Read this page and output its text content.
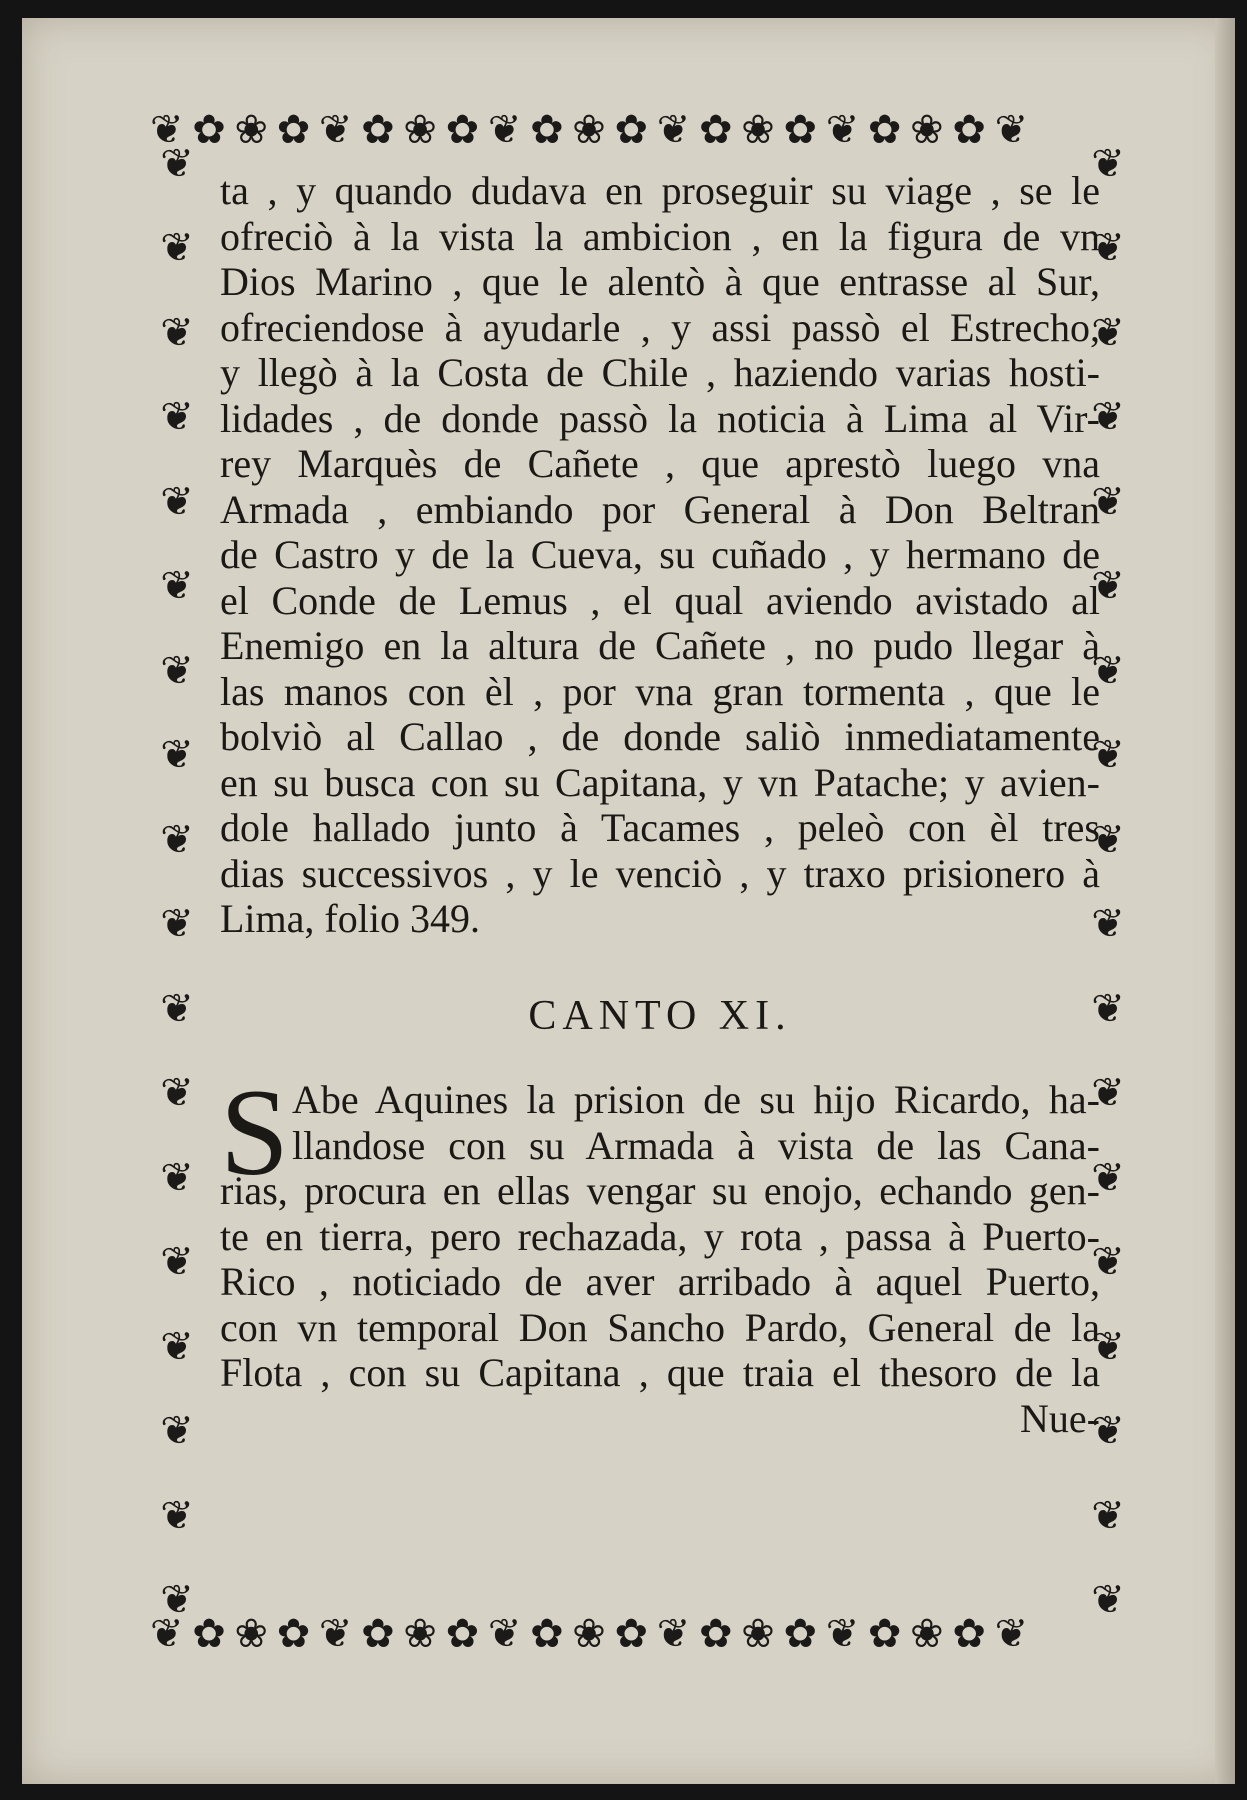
❦ ✿ ❀ ✿ ❦ ✿ ❀ ✿ ❦ ✿ ❀ ✿ ❦ ✿ ❀ ✿ ❦ ✿ ❀ ✿ ❦
❦
❦
❦
❦
❦
❦
❦
❦
❦
❦
❦
❦
❦
❦
❦
❦
❦
❦
❦
❦
❦
❦
❦
❦
❦
❦
❦
❦
❦
❦
❦
❦
❦
❦
❦
❦
❦ ✿ ❀ ✿ ❦ ✿ ❀ ✿ ❦ ✿ ❀ ✿ ❦ ✿ ❀ ✿ ❦ ✿ ❀ ✿ ❦

ta , y quando dudava en proseguir su viage , se le
ofreciò à la vista la ambicion , en la figura de vn
Dios Marino , que le alentò à que entrasse al Sur,
ofreciendose à ayudarle , y assi passò el Estrecho,
y llegò à la Costa de Chile , haziendo varias hosti-
lidades , de donde passò la noticia à Lima al Vir-
rey Marquès de Cañete , que aprestò luego vna
Armada , embiando por General à Don Beltran
de Castro y de la Cueva, su cuñado , y hermano de
el Conde de Lemus , el qual aviendo avistado al
Enemigo en la altura de Cañete , no pudo llegar à
las manos con èl , por vna gran tormenta , que le
bolviò al Callao , de donde saliò inmediatamente
en su busca con su Capitana, y vn Patache; y avien-
dole hallado junto à Tacames , peleò con èl tres
dias successivos , y le venciò , y traxo prisionero à
Lima, folio 349.

CANTO XI.

S Abe Aquines la prision de su hijo Ricardo, ha-
llandose con su Armada à vista de las Cana-
rias, procura en ellas vengar su enojo, echando gen-
te en tierra, pero rechazada, y rota , passa à Puerto-
Rico , noticiado de aver arribado à aquel Puerto,
con vn temporal Don Sancho Pardo, General de la
Flota , con su Capitana , que traia el thesoro de la

Nue-
